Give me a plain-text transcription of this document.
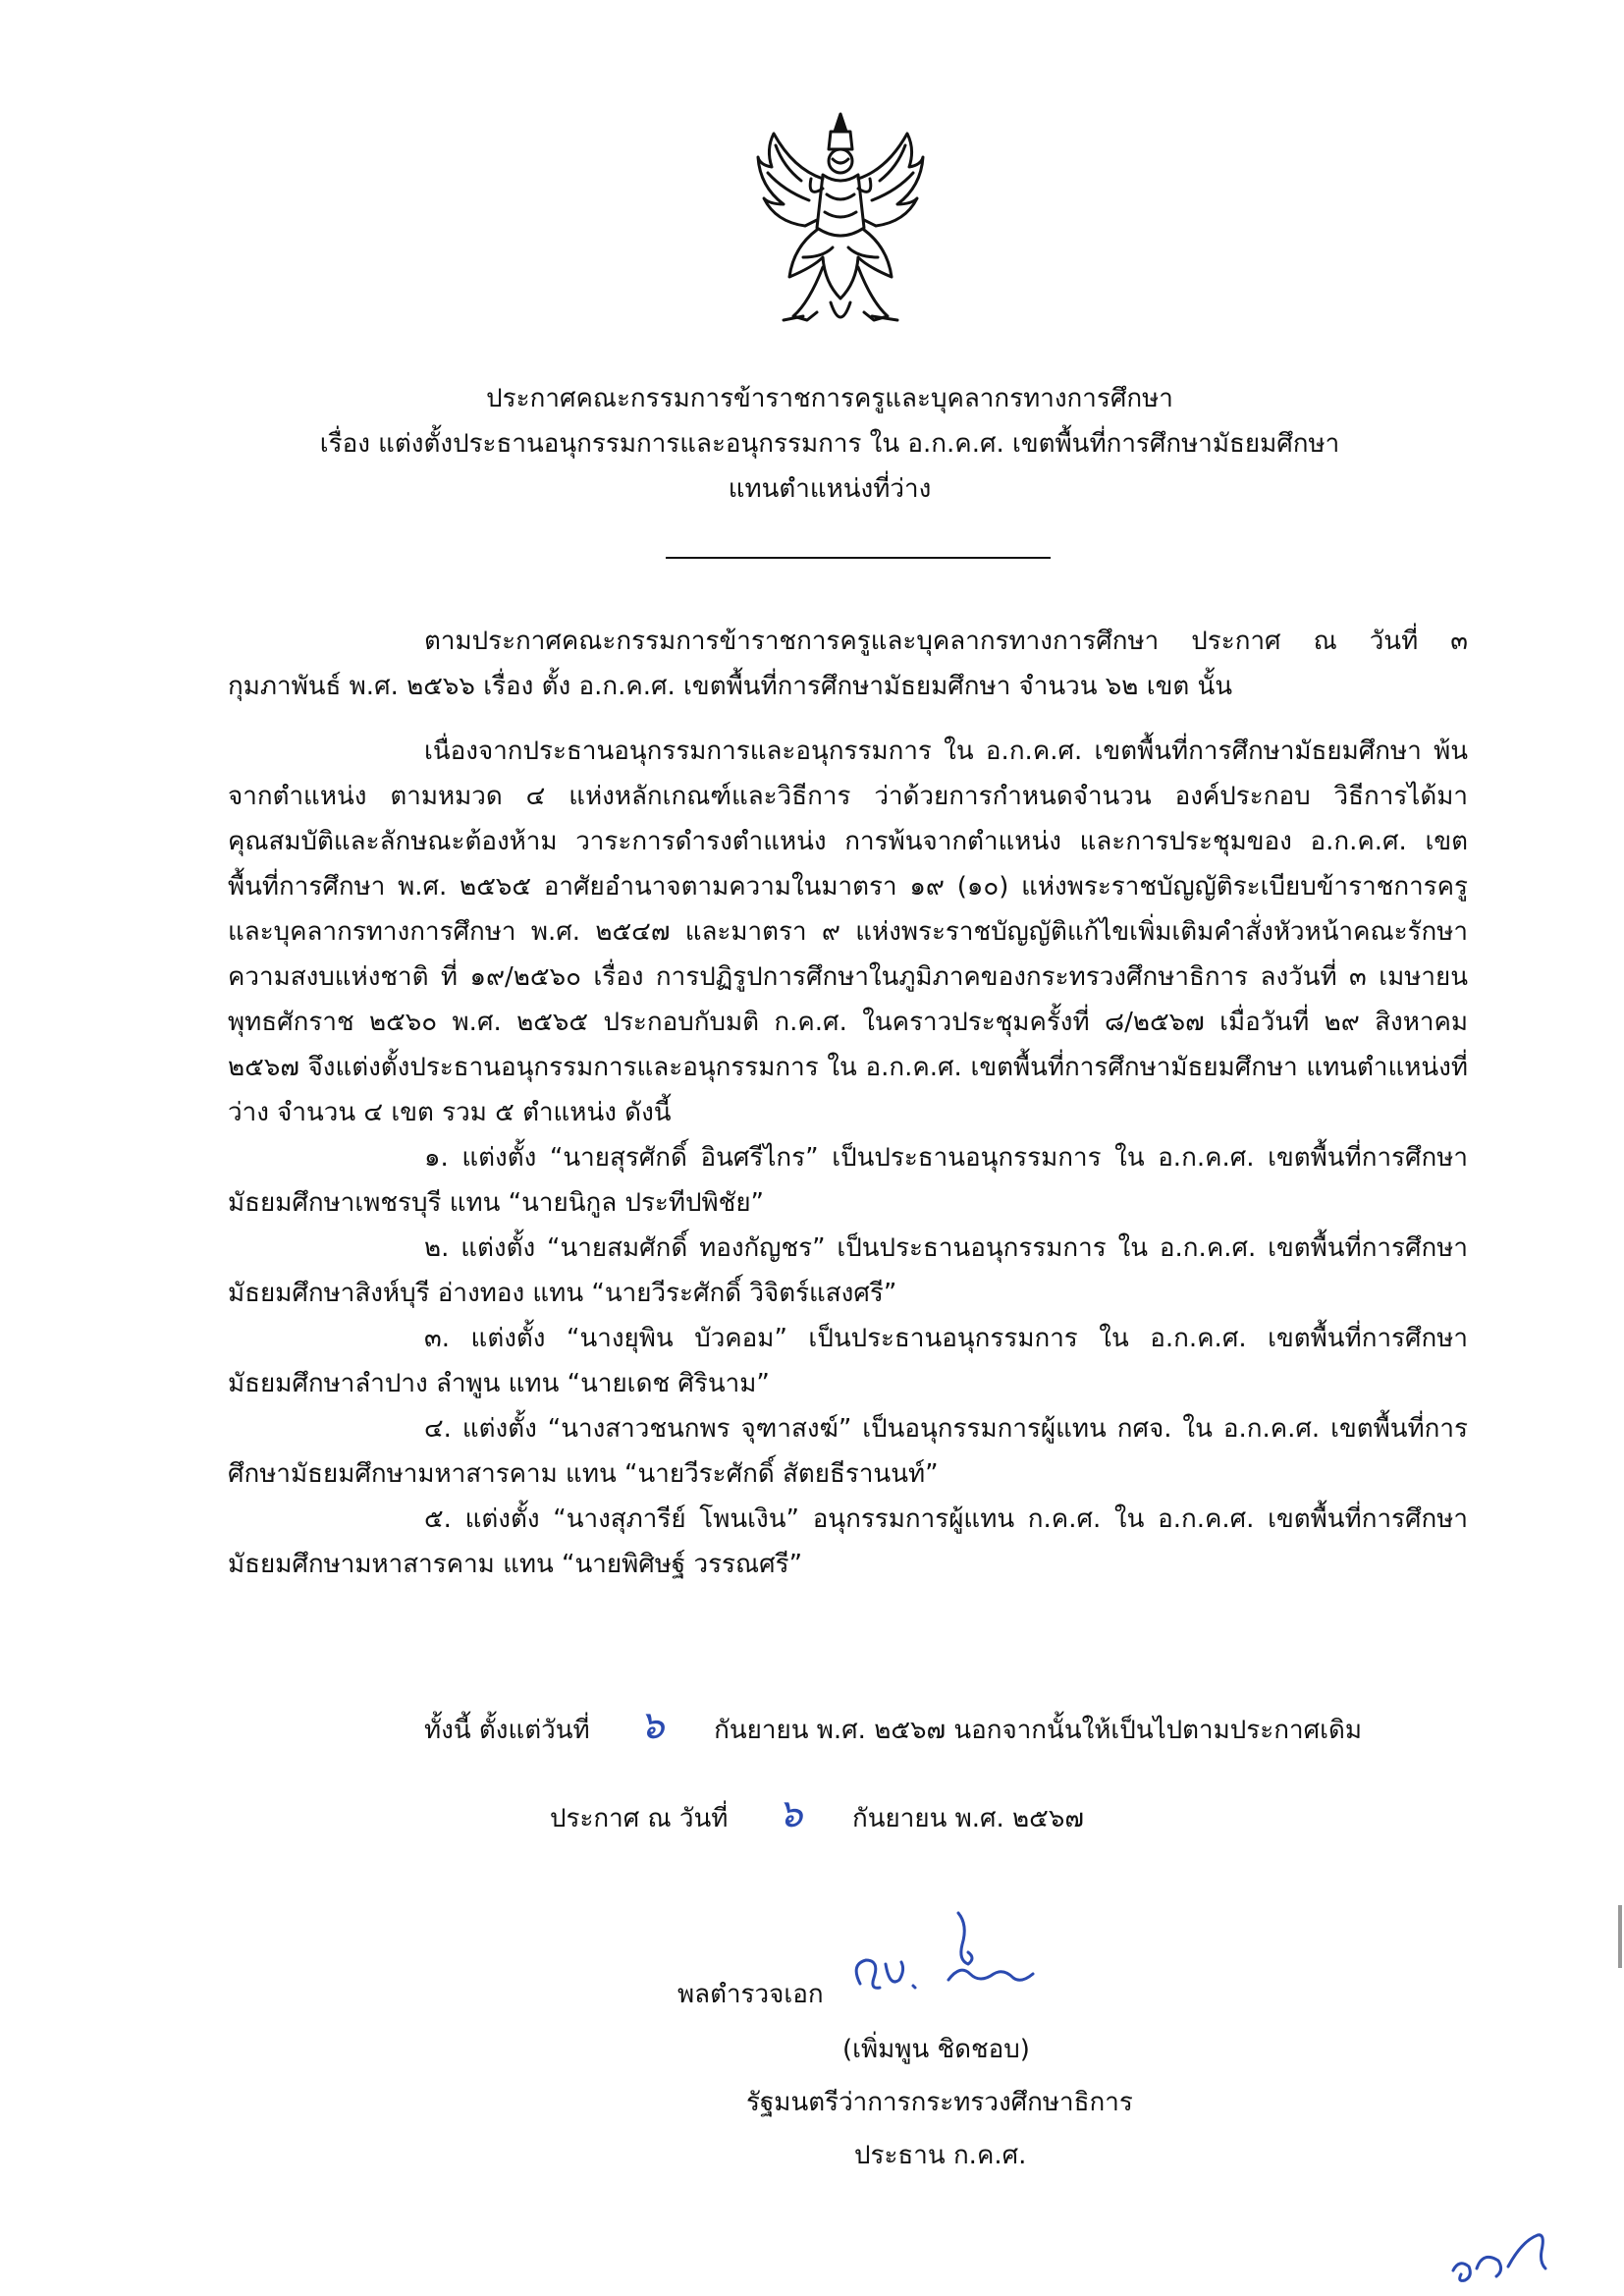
ประกาศคณะกรรมการข้าราชการครูและบุคลากรทางการศึกษา
เรื่อง แต่งตั้งประธานอนุกรรมการและอนุกรรมการ ใน อ.ก.ค.ศ. เขตพื้นที่การศึกษามัธยมศึกษา
แทนตำแหน่งที่ว่าง

ตามประกาศคณะกรรมการข้าราชการครูและบุคลากรทางการศึกษา ประกาศ ณ วันที่ ๓ กุมภาพันธ์ พ.ศ. ๒๕๖๖ เรื่อง ตั้ง อ.ก.ค.ศ. เขตพื้นที่การศึกษามัธยมศึกษา จำนวน ๖๒ เขต นั้น

เนื่องจากประธานอนุกรรมการและอนุกรรมการ ใน อ.ก.ค.ศ. เขตพื้นที่การศึกษามัธยมศึกษา พ้นจากตำแหน่ง ตามหมวด ๔ แห่งหลักเกณฑ์และวิธีการ ว่าด้วยการกำหนดจำนวน องค์ประกอบ วิธีการได้มา คุณสมบัติและลักษณะต้องห้าม วาระการดำรงตำแหน่ง การพ้นจากตำแหน่ง และการประชุมของ อ.ก.ค.ศ. เขตพื้นที่การศึกษา พ.ศ. ๒๕๖๕ อาศัยอำนาจตามความในมาตรา ๑๙ (๑๐) แห่งพระราชบัญญัติระเบียบข้าราชการครูและบุคลากรทางการศึกษา พ.ศ. ๒๕๔๗ และมาตรา ๙ แห่งพระราชบัญญัติแก้ไขเพิ่มเติมคำสั่งหัวหน้าคณะรักษาความสงบแห่งชาติ ที่ ๑๙/๒๕๖๐ เรื่อง การปฏิรูปการศึกษาในภูมิภาคของกระทรวงศึกษาธิการ ลงวันที่ ๓ เมษายน พุทธศักราช ๒๕๖๐ พ.ศ. ๒๕๖๕ ประกอบกับมติ ก.ค.ศ. ในคราวประชุมครั้งที่ ๘/๒๕๖๗ เมื่อวันที่ ๒๙ สิงหาคม ๒๕๖๗ จึงแต่งตั้งประธานอนุกรรมการและอนุกรรมการ ใน อ.ก.ค.ศ. เขตพื้นที่การศึกษามัธยมศึกษา แทนตำแหน่งที่ว่าง จำนวน ๔ เขต รวม ๕ ตำแหน่ง ดังนี้

๑. แต่งตั้ง “นายสุรศักดิ์ อินศรีไกร” เป็นประธานอนุกรรมการ ใน อ.ก.ค.ศ. เขตพื้นที่การศึกษามัธยมศึกษาเพชรบุรี แทน “นายนิกูล ประทีปพิชัย”

๒. แต่งตั้ง “นายสมศักดิ์ ทองกัญชร” เป็นประธานอนุกรรมการ ใน อ.ก.ค.ศ. เขตพื้นที่การศึกษามัธยมศึกษาสิงห์บุรี อ่างทอง แทน “นายวีระศักดิ์ วิจิตร์แสงศรี”

๓. แต่งตั้ง “นางยุพิน บัวคอม” เป็นประธานอนุกรรมการ ใน อ.ก.ค.ศ. เขตพื้นที่การศึกษามัธยมศึกษาลำปาง ลำพูน แทน “นายเดช ศิรินาม”

๔. แต่งตั้ง “นางสาวชนกพร จุฑาสงฆ์” เป็นอนุกรรมการผู้แทน กศจ. ใน อ.ก.ค.ศ. เขตพื้นที่การศึกษามัธยมศึกษามหาสารคาม แทน “นายวีระศักดิ์ สัตยธีรานนท์”

๕. แต่งตั้ง “นางสุภารีย์ โพนเงิน” อนุกรรมการผู้แทน ก.ค.ศ. ใน อ.ก.ค.ศ. เขตพื้นที่การศึกษามัธยมศึกษามหาสารคาม แทน “นายพิศิษฐ์ วรรณศรี”

ทั้งนี้ ตั้งแต่วันที่ ๖ กันยายน พ.ศ. ๒๕๖๗ นอกจากนั้นให้เป็นไปตามประกาศเดิม
ประกาศ ณ วันที่ ๖ กันยายน พ.ศ. ๒๕๖๗
พลตำรวจเอก
(เพิ่มพูน ชิดชอบ)
รัฐมนตรีว่าการกระทรวงศึกษาธิการ
ประธาน ก.ค.ศ.
